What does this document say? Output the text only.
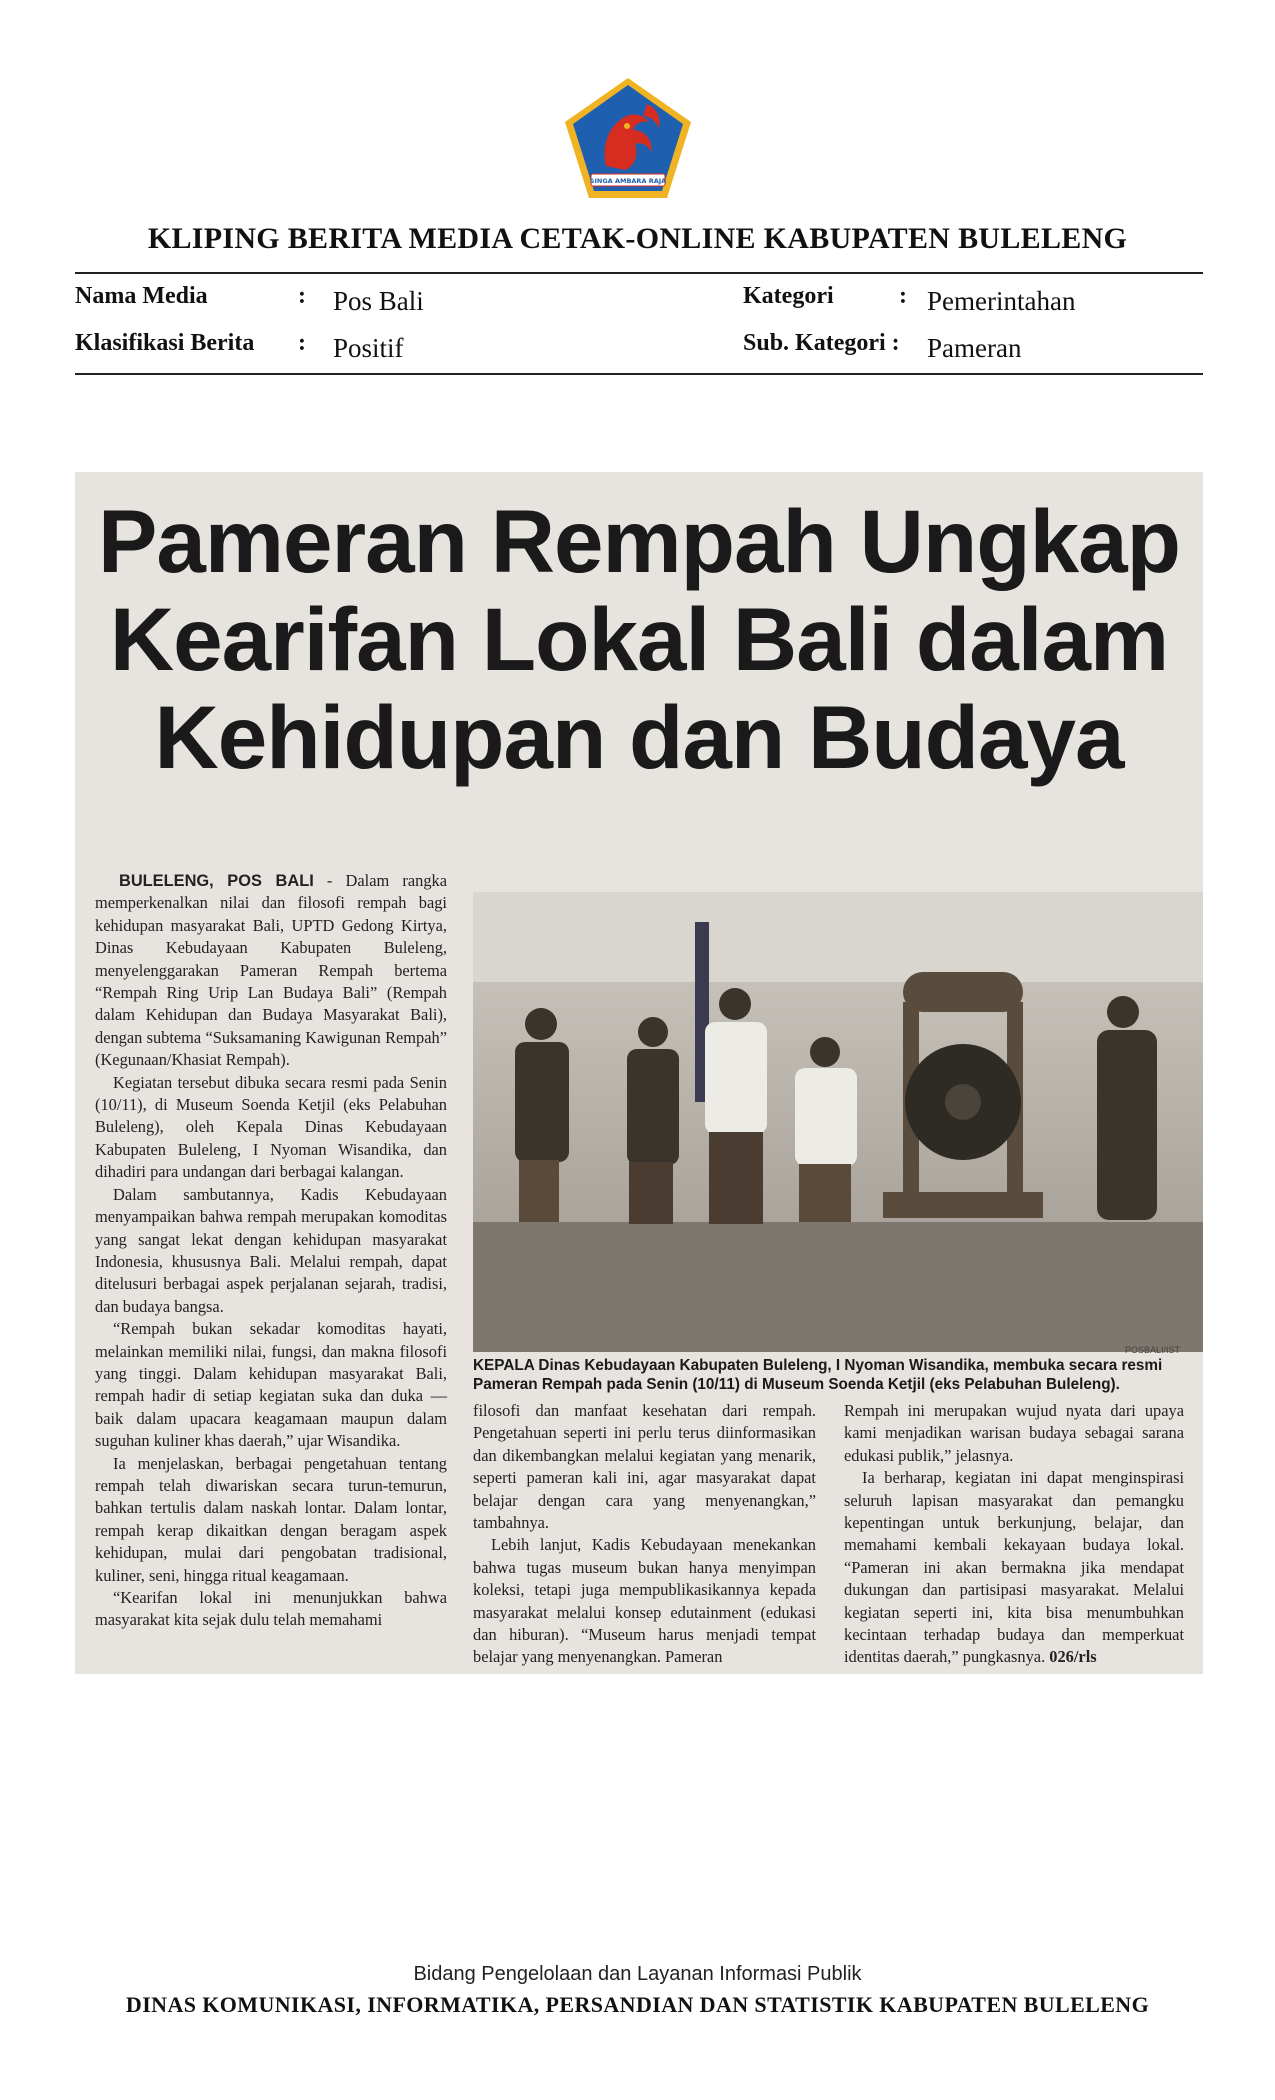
SINGA AMBARA RAJA
KLIPING BERITA MEDIA CETAK-ONLINE KABUPATEN BULELENG
Nama Media	: Pos Bali	Kategori	: Pemerintahan
Klasifikasi Berita : Positif	Sub. Kategori : Pameran
Pameran Rempah Ungkap
Kearifan Lokal Bali dalam
Kehidupan dan Budaya

BULELENG, POS BALI - Dalam rangka memperkenalkan nilai dan filosofi rempah bagi kehidupan masyarakat Bali, UPTD Gedong Kirtya, Dinas Kebudayaan Kabupaten Buleleng, menyelenggarakan Pameran Rempah bertema “Rempah Ring Urip Lan Budaya Bali” (Rempah dalam Kehidupan dan Budaya Masyarakat Bali), dengan subtema “Suksamaning Kawigunan Rempah” (Kegunaan/Khasiat Rempah).

Kegiatan tersebut dibuka secara resmi pada Senin (10/11), di Museum Soenda Ketjil (eks Pelabuhan Buleleng), oleh Kepala Dinas Kebudayaan Kabupaten Buleleng, I Nyoman Wisandika, dan dihadiri para undangan dari berbagai kalangan.

Dalam sambutannya, Kadis Kebudayaan menyampaikan bahwa rempah merupakan komoditas yang sangat lekat dengan kehidupan masyarakat Indonesia, khususnya Bali. Melalui rempah, dapat ditelusuri berbagai aspek perjalanan sejarah, tradisi, dan budaya bangsa.

“Rempah bukan sekadar komoditas hayati, melainkan memiliki nilai, fungsi, dan makna filosofi yang tinggi. Dalam kehidupan masyarakat Bali, rempah hadir di setiap kegiatan suka dan duka — baik dalam upacara keagamaan maupun dalam suguhan kuliner khas daerah,” ujar Wisandika.

Ia menjelaskan, berbagai pengetahuan tentang rempah telah diwariskan secara turun-temurun, bahkan tertulis dalam naskah lontar. Dalam lontar, rempah kerap dikaitkan dengan beragam aspek kehidupan, mulai dari pengobatan tradisional, kuliner, seni, hingga ritual keagamaan.

“Kearifan lokal ini menunjukkan bahwa masyarakat kita sejak dulu telah memahami

POSBALI/IST
KEPALA Dinas Kebudayaan Kabupaten Buleleng, I Nyoman Wisandika, membuka secara resmi Pameran Rempah pada Senin (10/11) di Museum Soenda Ketjil (eks Pelabuhan Buleleng).

filosofi dan manfaat kesehatan dari rempah. Pengetahuan seperti ini perlu terus diinformasikan dan dikembangkan melalui kegiatan yang menarik, seperti pameran kali ini, agar masyarakat dapat belajar dengan cara yang menyenangkan,” tambahnya.

Lebih lanjut, Kadis Kebudayaan menekankan bahwa tugas museum bukan hanya menyimpan koleksi, tetapi juga mempublikasikannya kepada masyarakat melalui konsep edutainment (edukasi dan hiburan). “Museum harus menjadi tempat belajar yang menyenangkan. Pameran

Rempah ini merupakan wujud nyata dari upaya kami menjadikan warisan budaya sebagai sarana edukasi publik,” jelasnya.

Ia berharap, kegiatan ini dapat menginspirasi seluruh lapisan masyarakat dan pemangku kepentingan untuk berkunjung, belajar, dan memahami kembali kekayaan budaya lokal. “Pameran ini akan bermakna jika mendapat dukungan dan partisipasi masyarakat. Melalui kegiatan seperti ini, kita bisa menumbuhkan kecintaan terhadap budaya dan memperkuat identitas daerah,” pungkasnya. 026/rls

Bidang Pengelolaan dan Layanan Informasi Publik
DINAS KOMUNIKASI, INFORMATIKA, PERSANDIAN DAN STATISTIK KABUPATEN BULELENG
